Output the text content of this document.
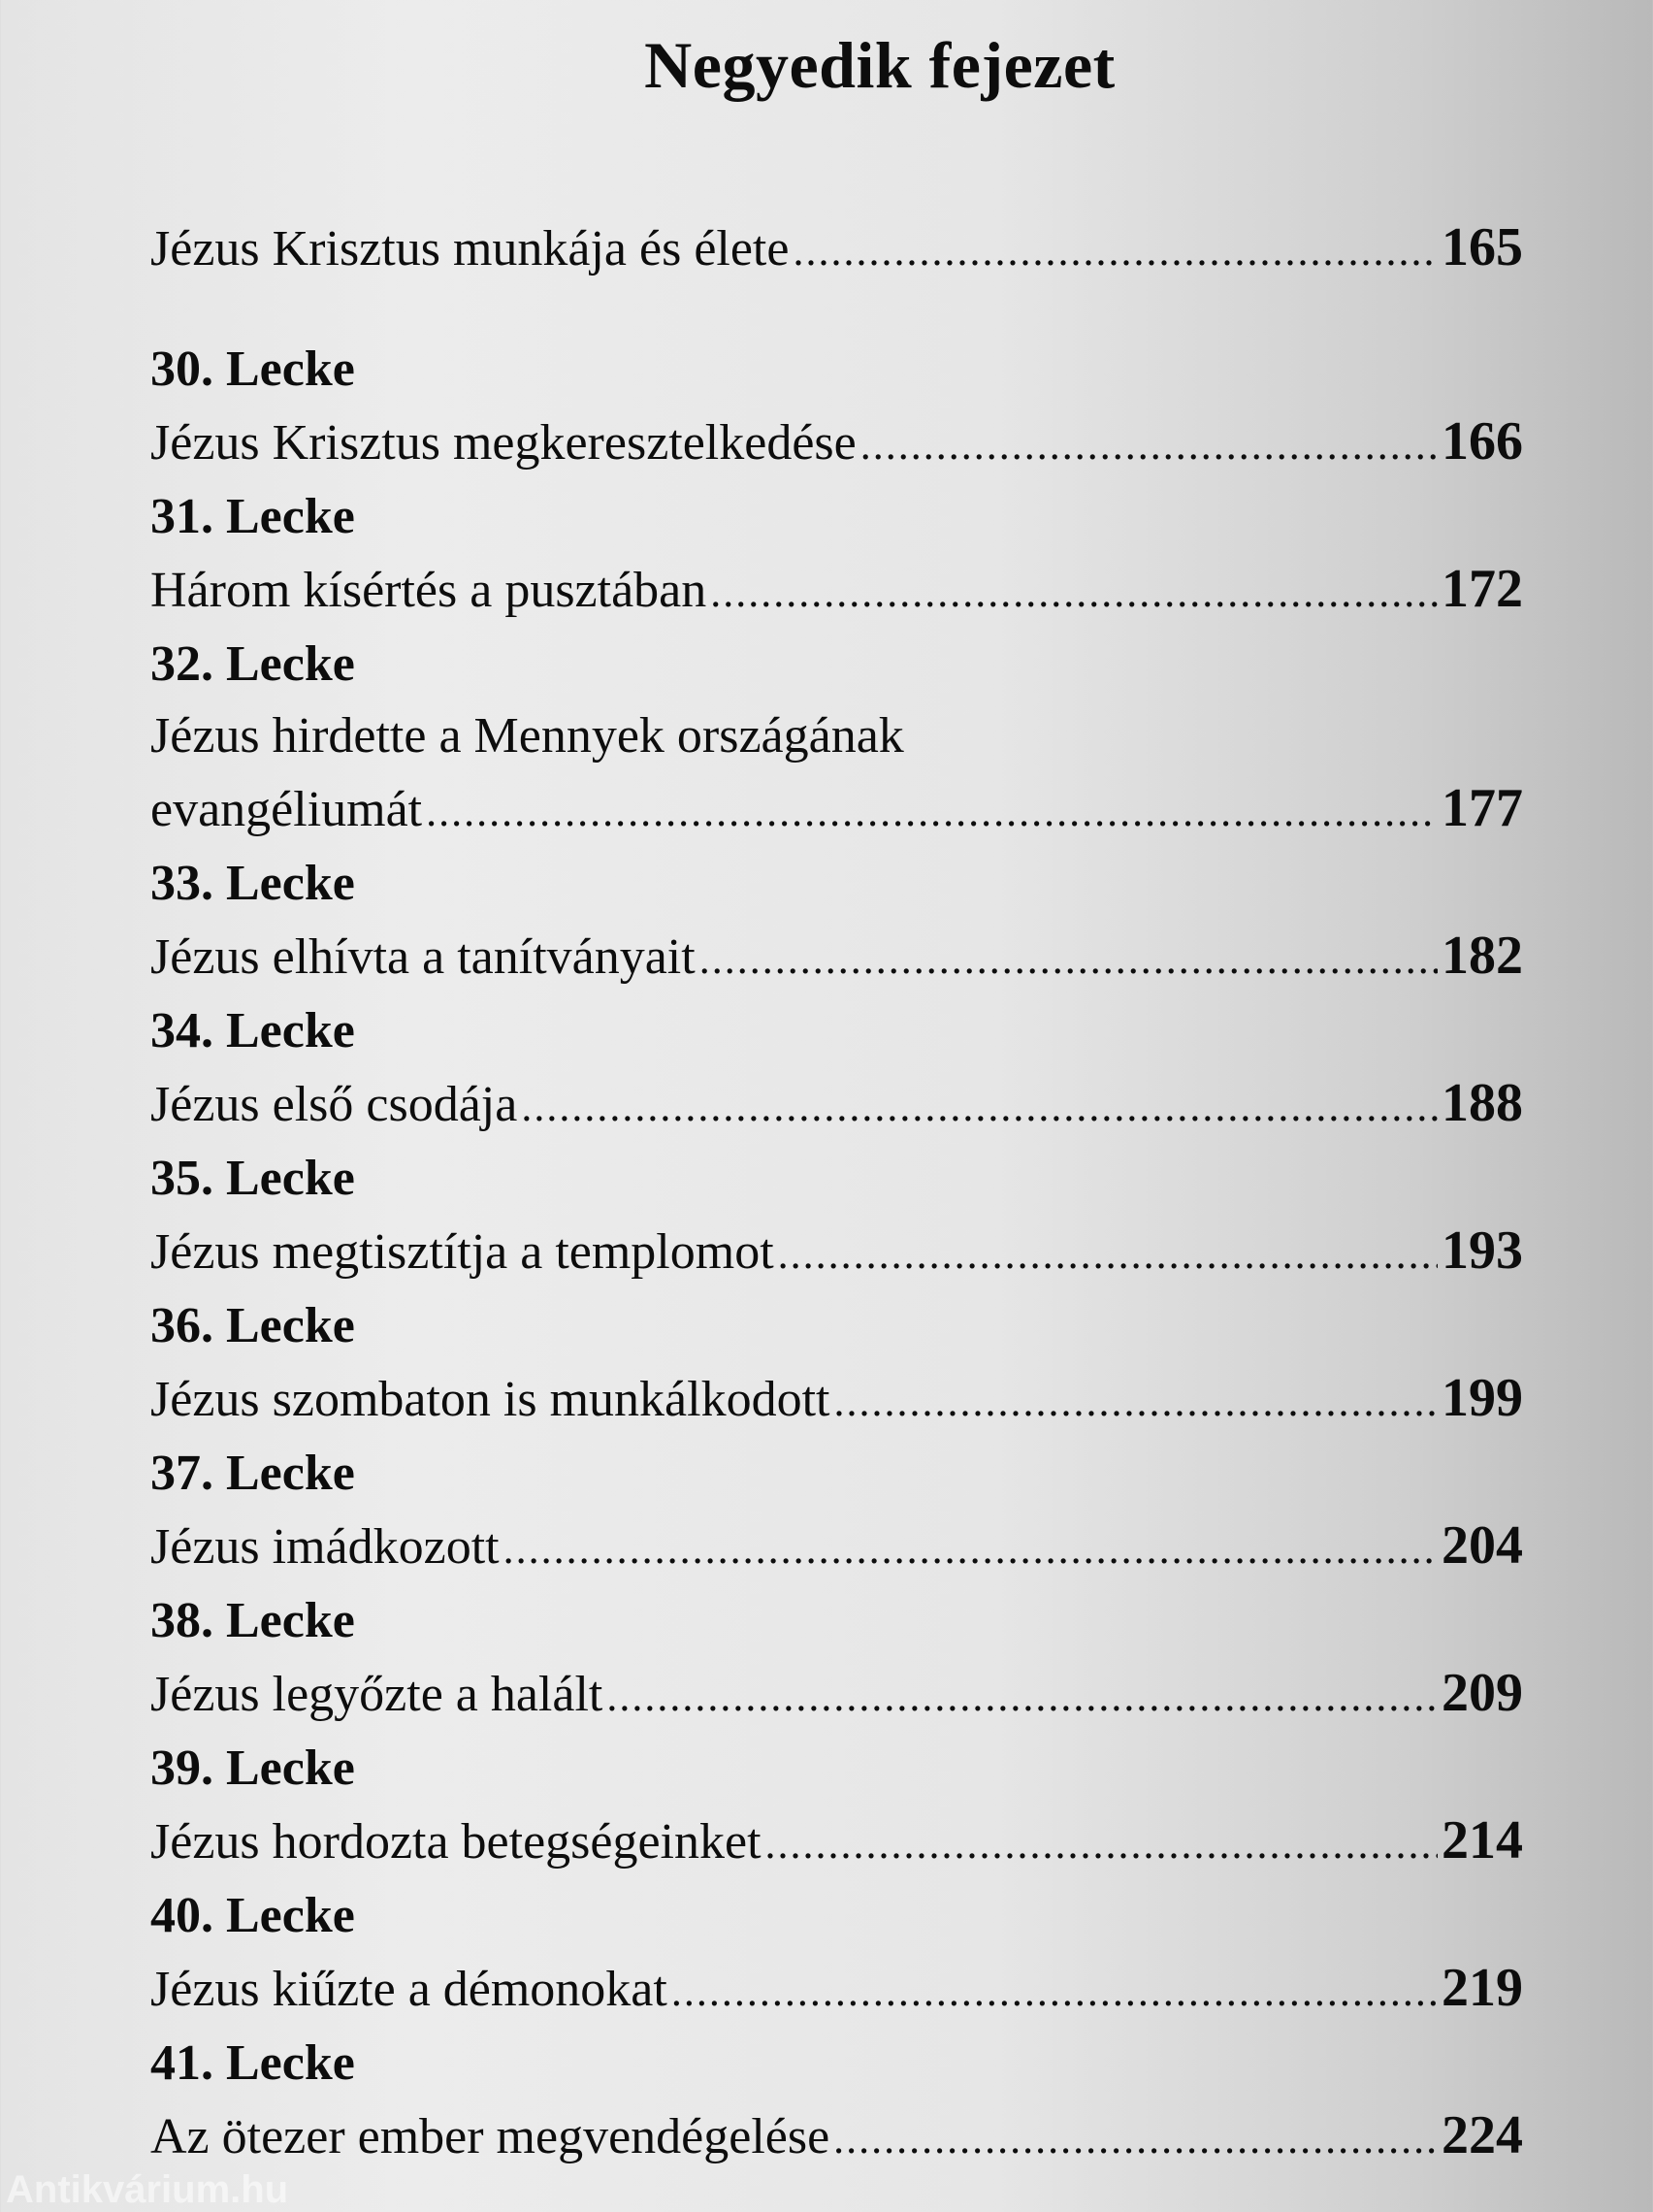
Negyedik fejezet
Jézus Krisztus munkája és élete .....	165
30. Lecke
Jézus Krisztus megkeresztelkedése .....	166
31. Lecke
Három kísértés a pusztában .....	172
32. Lecke
Jézus hirdette a Mennyek országának
evangéliumát .....	177
33. Lecke
Jézus elhívta a tanítványait .....	182
34. Lecke
Jézus első csodája .....	188
35. Lecke
Jézus megtisztítja a templomot .....	193
36. Lecke
Jézus szombaton is munkálkodott .....	199
37. Lecke
Jézus imádkozott .....	204
38. Lecke
Jézus legyőzte a halált .....	209
39. Lecke
Jézus hordozta betegségeinket .....	214
40. Lecke
Jézus kiűzte a démonokat .....	219
41. Lecke
Az ötezer ember megvendégelése .....	224
Antikvárium.hu
